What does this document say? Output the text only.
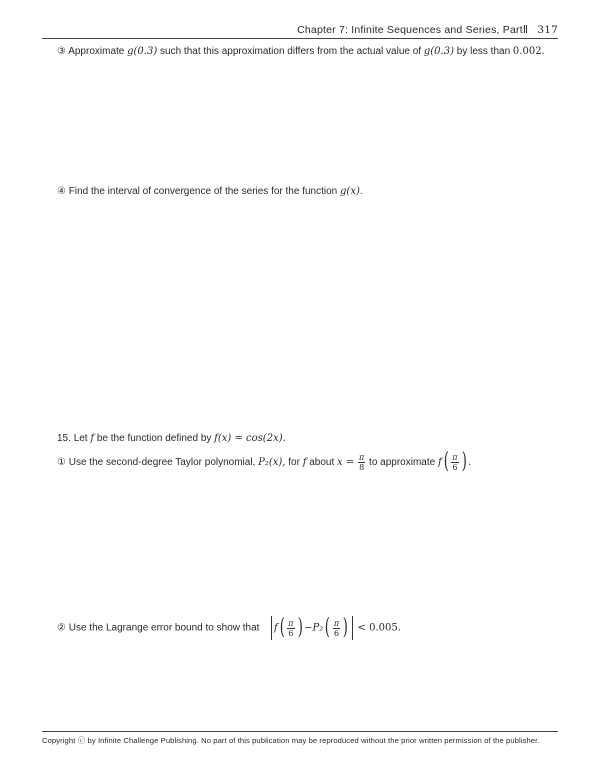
Chapter 7: Infinite Sequences and Series, PartⅡ 317
③ Approximate g(0.3) such that this approximation differs from the actual value of g(0.3) by less than 0.002.
④ Find the interval of convergence of the series for the function g(x).
15. Let f be the function defined by f(x) = cos(2x).
① Use the second-degree Taylor polynomial, P₂(x), for f about $x = \frac{\pi}{8}$ to approximate $f( \frac{\pi}{6}$ ) .
② Use the Lagrange error bound to show that $f( \frac{\pi}{6}$ ) $-P_2( \frac{\pi}{6}$ ) < 0.005.
Copyright ⓒ by Infinite Challenge Publishing. No part of this publication may be reproduced without the prior written permission of the publisher.
